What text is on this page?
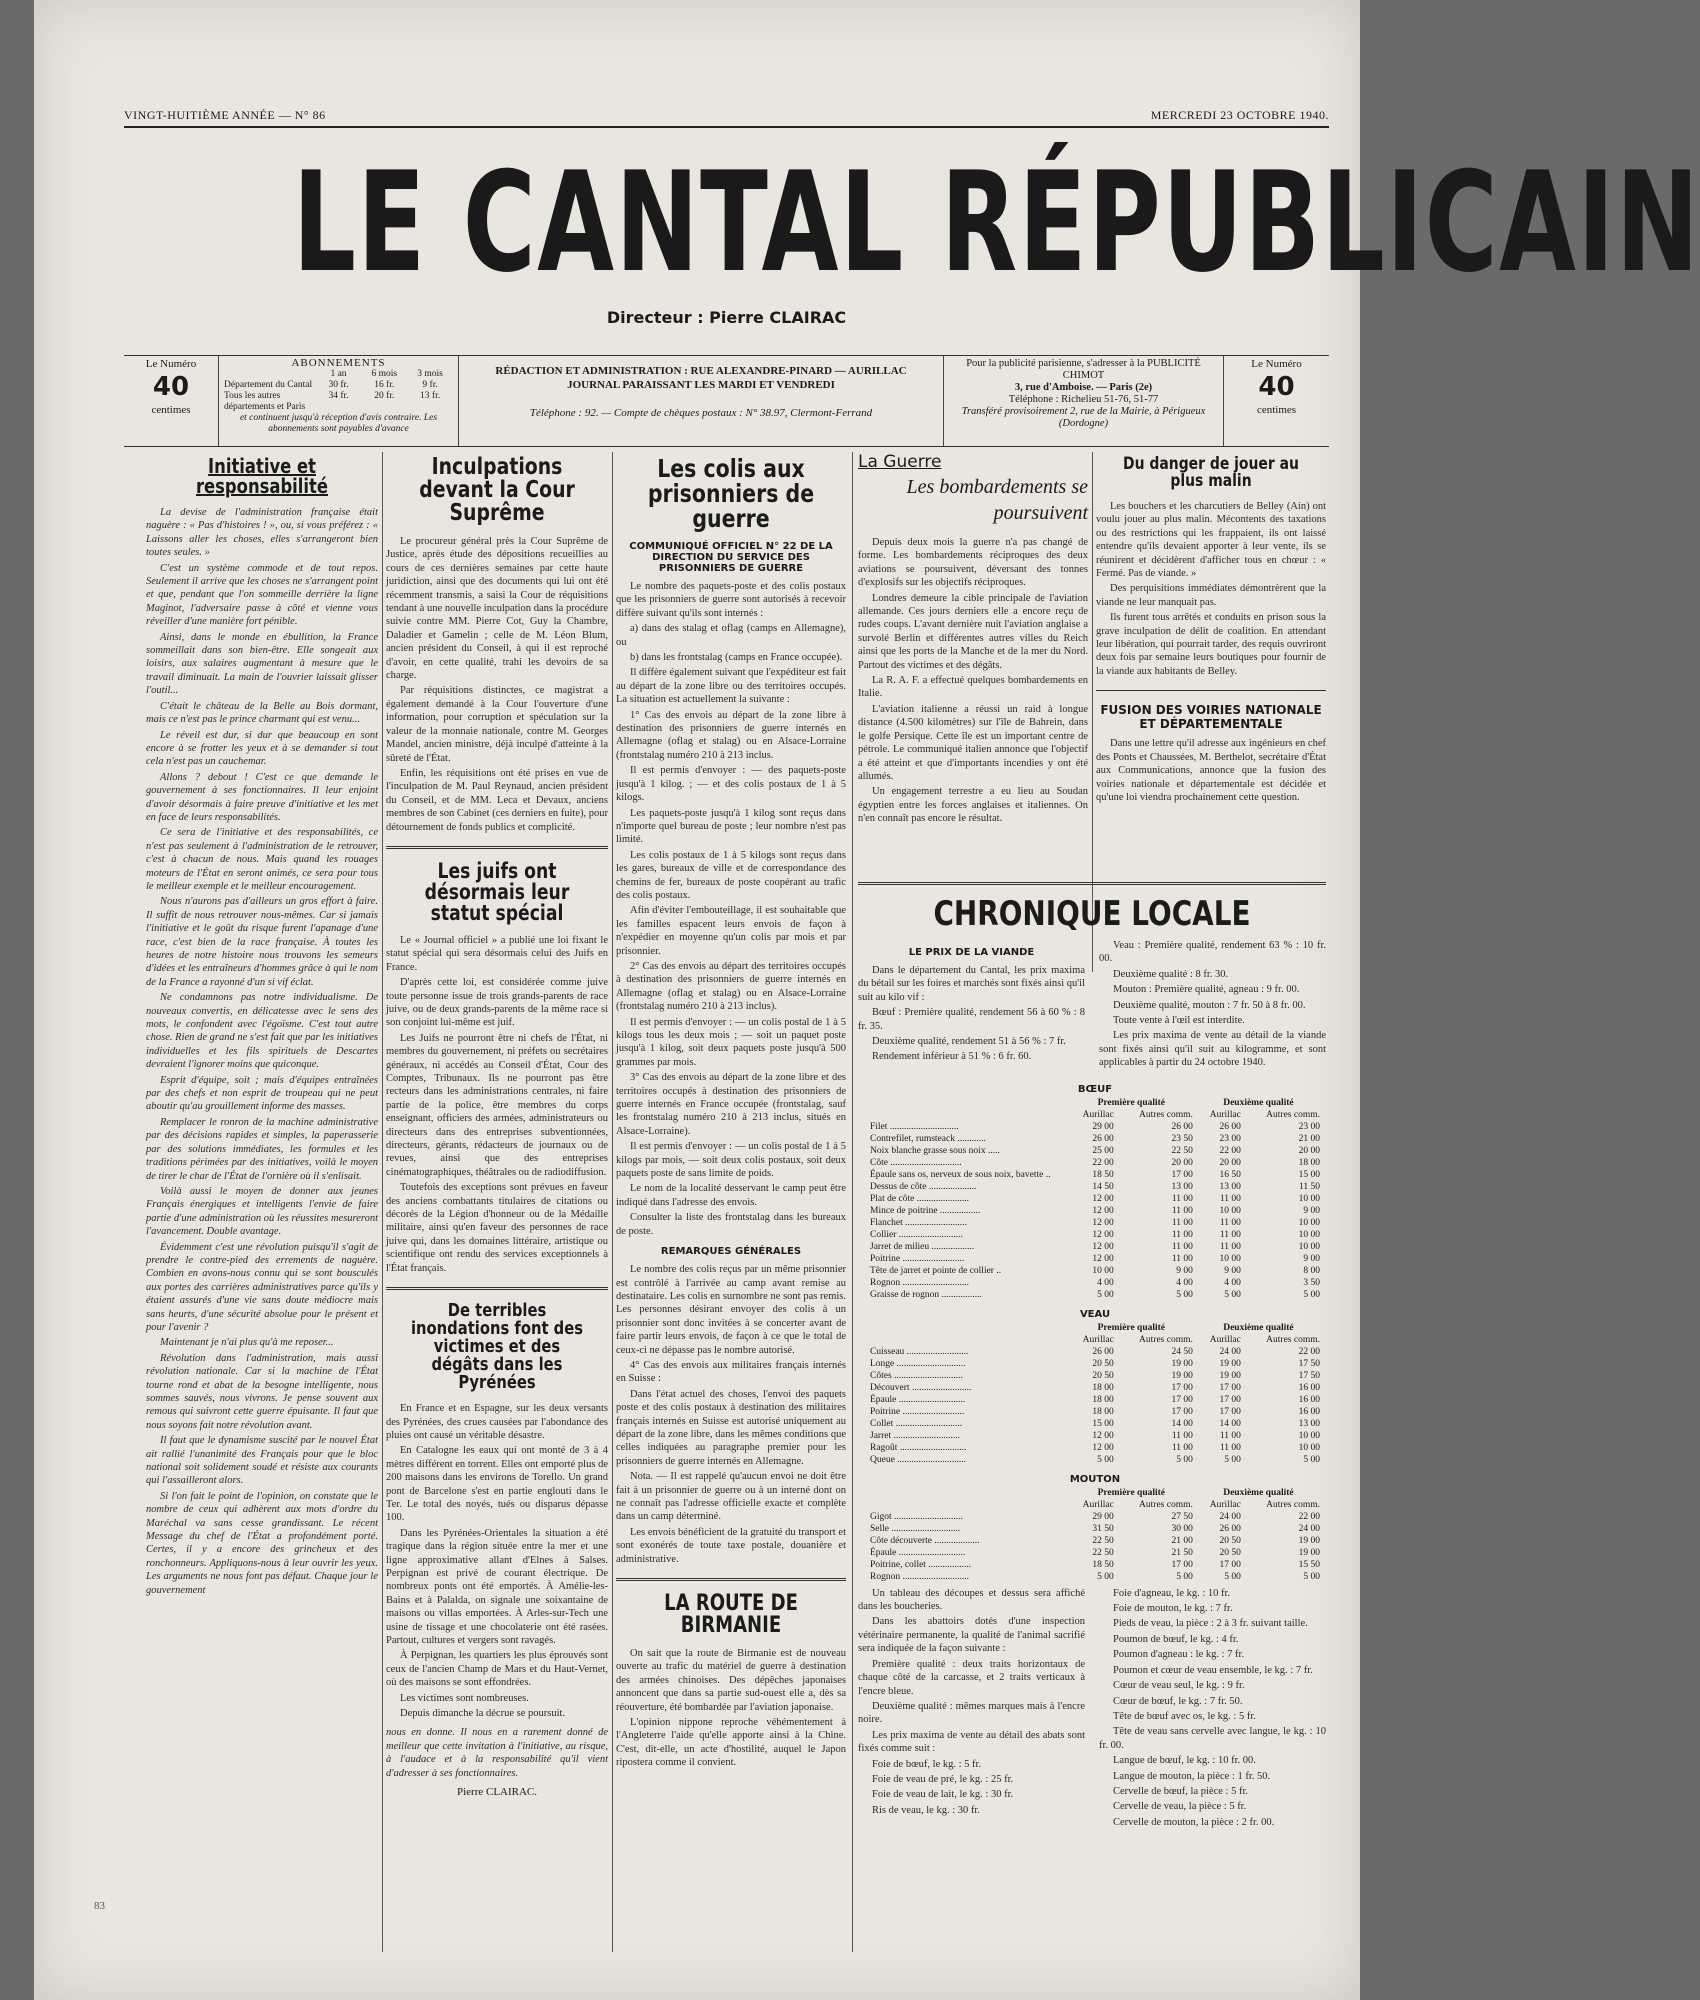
VINGT-HUITIÈME ANNÉE — N° 86	MERCREDI 23 OCTOBRE 1940.
LE CANTAL RÉPUBLICAIN
Directeur : Pierre CLAIRAC
Le Numéro
40
centimes
ABONNEMENTS
1 an	6 mois	3 mois
Département du Cantal	30 fr.	16 fr.	9 fr.
Tous les autres départements et Paris
34 fr.	20 fr.	13 fr.
et continuent jusqu'à réception d'avis contraire. Les abonnements sont payables d'avance
RÉDACTION ET ADMINISTRATION : RUE ALEXANDRE-PINARD — AURILLAC
JOURNAL PARAISSANT LES MARDI ET VENDREDI
Téléphone : 92. — Compte de chèques postaux : N° 38.97, Clermont-Ferrand
Pour la publicité parisienne, s'adresser à la PUBLICITÉ CHIMOT
3, rue d'Amboise. — Paris (2e)
Téléphone : Richelieu 51-76, 51-77
Transféré provisoirement 2, rue de la Mairie, à Périgueux (Dordogne)
Le Numéro
40
centimes
Initiative et responsabilité

La devise de l'administration française était naguère : « Pas d'histoires ! », ou, si vous préférez : « Laissons aller les choses, elles s'arrangeront bien toutes seules. »

C'est un système commode et de tout repos. Seulement il arrive que les choses ne s'arrangent point et que, pendant que l'on sommeille derrière la ligne Maginot, l'adversaire passe à côté et vienne vous réveiller d'une manière fort pénible.

Ainsi, dans le monde en ébullition, la France sommeillait dans son bien-être. Elle songeait aux loisirs, aux salaires augmentant à mesure que le travail diminuait. La main de l'ouvrier laissait glisser l'outil...

C'était le château de la Belle au Bois dormant, mais ce n'est pas le prince charmant qui est venu...

Le réveil est dur, si dur que beaucoup en sont encore à se frotter les yeux et à se demander si tout cela n'est pas un cauchemar.

Allons ? debout ! C'est ce que demande le gouvernement à ses fonctionnaires. Il leur enjoint d'avoir désormais à faire preuve d'initiative et les met en face de leurs responsabilités.

Ce sera de l'initiative et des responsabilités, ce n'est pas seulement à l'administration de le retrouver, c'est à chacun de nous. Mais quand les rouages moteurs de l'État en seront animés, ce sera pour tous le meilleur exemple et le meilleur encouragement.

Nous n'aurons pas d'ailleurs un gros effort à faire. Il suffit de nous retrouver nous-mêmes. Car si jamais l'initiative et le goût du risque furent l'apanage d'une race, c'est bien de la race française. À toutes les heures de notre histoire nous trouvons les semeurs d'idées et les entraîneurs d'hommes grâce à qui le nom de la France a rayonné d'un si vif éclat.

Ne condamnons pas notre individualisme. De nouveaux convertis, en délicatesse avec le sens des mots, le confondent avec l'égoïsme. C'est tout autre chose. Rien de grand ne s'est fait que par les initiatives individuelles et les fils spirituels de Descartes devraient l'ignorer moins que quiconque.

Esprit d'équipe, soit ; mais d'équipes entraînées par des chefs et non esprit de troupeau qui ne peut aboutir qu'au grouillement informe des masses.

Remplacer le ronron de la machine administrative par des décisions rapides et simples, la paperasserie par des solutions immédiates, les formules et les traditions périmées par des initiatives, voilà le moyen de tirer le char de l'État de l'ornière où il s'enlisait.

Voilà aussi le moyen de donner aux jeunes Français énergiques et intelligents l'envie de faire partie d'une administration où les réussites mesureront l'avancement. Double avantage.

Évidemment c'est une révolution puisqu'il s'agit de prendre le contre-pied des errements de naguère. Combien en avons-nous connu qui se sont bousculés aux portes des carrières administratives parce qu'ils y étaient assurés d'une vie sans doute médiocre mais sans heurts, d'une sécurité absolue pour le présent et pour l'avenir ?

Maintenant je n'ai plus qu'à me reposer...

Révolution dans l'administration, mais aussi révolution nationale. Car si la machine de l'État tourne rond et abat de la besogne intelligente, nous sommes sauvés, nous vivrons. Je pense souvent aux remous qui suivront cette guerre épuisante. Il faut que nous soyons fait notre révolution avant.

Il faut que le dynamisme suscité par le nouvel État ait rallié l'unanimité des Français pour que le bloc national soit solidement soudé et résiste aux courants qui l'assailleront alors.

Si l'on fait le point de l'opinion, on constate que le nombre de ceux qui adhèrent aux mots d'ordre du Maréchal va sans cesse grandissant. Le récent Message du chef de l'État a profondément porté. Certes, il y a encore des grincheux et des ronchonneurs. Appliquons-nous à leur ouvrir les yeux. Les arguments ne nous font pas défaut. Chaque jour le gouvernement

Inculpations devant la Cour Suprême

Le procureur général près la Cour Suprême de Justice, après étude des dépositions recueillies au cours de ces dernières semaines par cette haute juridiction, ainsi que des documents qui lui ont été récemment transmis, a saisi la Cour de réquisitions tendant à une nouvelle inculpation dans la procédure suivie contre MM. Pierre Cot, Guy la Chambre, Daladier et Gamelin ; celle de M. Léon Blum, ancien président du Conseil, à qui il est reproché d'avoir, en cette qualité, trahi les devoirs de sa charge.

Par réquisitions distinctes, ce magistrat a également demandé à la Cour l'ouverture d'une information, pour corruption et spéculation sur la valeur de la monnaie nationale, contre M. Georges Mandel, ancien ministre, déjà inculpé d'atteinte à la sûreté de l'État.

Enfin, les réquisitions ont été prises en vue de l'inculpation de M. Paul Reynaud, ancien président du Conseil, et de MM. Leca et Devaux, anciens membres de son Cabinet (ces derniers en fuite), pour détournement de fonds publics et complicité.

Les juifs ont désormais leur statut spécial

Le « Journal officiel » a publié une loi fixant le statut spécial qui sera désormais celui des Juifs en France.

D'après cette loi, est considérée comme juive toute personne issue de trois grands-parents de race juive, ou de deux grands-parents de la même race si son conjoint lui-même est juif.

Les Juifs ne pourront être ni chefs de l'État, ni membres du gouvernement, ni préfets ou secrétaires généraux, ni accédés au Conseil d'État, Cour des Comptes, Tribunaux. Ils ne pourront pas être recteurs dans les administrations centrales, ni faire partie de la police, être membres du corps enseignant, officiers des armées, administrateurs ou directeurs dans des entreprises subventionnées, directeurs, gérants, rédacteurs de journaux ou de revues, ainsi que des entreprises cinématographiques, théâtrales ou de radiodiffusion.

Toutefois des exceptions sont prévues en faveur des anciens combattants titulaires de citations ou décorés de la Légion d'honneur ou de la Médaille militaire, ainsi qu'en faveur des personnes de race juive qui, dans les domaines littéraire, artistique ou scientifique ont rendu des services exceptionnels à l'État français.

De terribles inondations font des victimes et des dégâts dans les Pyrénées

En France et en Espagne, sur les deux versants des Pyrénées, des crues causées par l'abondance des pluies ont causé un véritable désastre.

En Catalogne les eaux qui ont monté de 3 à 4 mètres différent en torrent. Elles ont emporté plus de 200 maisons dans les environs de Torello. Un grand pont de Barcelone s'est en partie englouti dans le Ter. Le total des noyés, tués ou disparus dépasse 100.

Dans les Pyrénées-Orientales la situation a été tragique dans la région située entre la mer et une ligne approximative allant d'Elnes à Salses. Perpignan est privé de courant électrique. De nombreux ponts ont été emportés. À Amélie-les-Bains et à Palalda, on signale une soixantaine de maisons ou villas emportées. À Arles-sur-Tech une usine de tissage et une chocolaterie ont été rasées. Partout, cultures et vergers sont ravagés.

À Perpignan, les quartiers les plus éprouvés sont ceux de l'ancien Champ de Mars et du Haut-Vernet, où des maisons se sont effondrées.

Les victimes sont nombreuses.

Depuis dimanche la décrue se poursuit.

nous en donne. Il nous en a rarement donné de meilleur que cette invitation à l'initiative, au risque, à l'audace et à la responsabilité qu'il vient d'adresser à ses fonctionnaires.
Pierre CLAIRAC.
Les colis aux prisonniers de guerre
COMMUNIQUÉ OFFICIEL N° 22 DE LA DIRECTION DU SERVICE DES PRISONNIERS DE GUERRE

Le nombre des paquets-poste et des colis postaux que les prisonniers de guerre sont autorisés à recevoir diffère suivant qu'ils sont internés :

a) dans des stalag et oflag (camps en Allemagne), ou

b) dans les frontstalag (camps en France occupée).

Il diffère également suivant que l'expéditeur est fait au départ de la zone libre ou des territoires occupés. La situation est actuellement la suivante :

1° Cas des envois au départ de la zone libre à destination des prisonniers de guerre internés en Allemagne (oflag et stalag) ou en Alsace-Lorraine (frontstalag numéro 210 à 213 inclus.

Il est permis d'envoyer : — des paquets-poste jusqu'à 1 kilog. ; — et des colis postaux de 1 à 5 kilogs.

Les paquets-poste jusqu'à 1 kilog sont reçus dans n'importe quel bureau de poste ; leur nombre n'est pas limité.

Les colis postaux de 1 à 5 kilogs sont reçus dans les gares, bureaux de ville et de correspondance des chemins de fer, bureaux de poste coopérant au trafic des colis postaux.

Afin d'éviter l'embouteillage, il est souhaitable que les familles espacent leurs envois de façon à n'expédier en moyenne qu'un colis par mois et par prisonnier.

2° Cas des envois au départ des territoires occupés à destination des prisonniers de guerre internés en Allemagne (oflag et stalag) ou en Alsace-Lorraine (frontstalag numéro 210 à 213 inclus).

Il est permis d'envoyer : — un colis postal de 1 à 5 kilogs tous les deux mois ; — soit un paquet poste jusqu'à 1 kilog, soit deux paquets poste jusqu'à 500 grammes par mois.

3° Cas des envois au départ de la zone libre et des territoires occupés à destination des prisonniers de guerre internés en France occupée (frontstalag, sauf les frontstalag numéro 210 à 213 inclus, situés en Alsace-Lorraine).

Il est permis d'envoyer : — un colis postal de 1 à 5 kilogs par mois, — soit deux colis postaux, soit deux paquets poste de sans limite de poids.

Le nom de la localité desservant le camp peut être indiqué dans l'adresse des envois.

Consulter la liste des frontstalag dans les bureaux de poste.

REMARQUES GÉNÉRALES

Le nombre des colis reçus par un même prisonnier est contrôlé à l'arrivée au camp avant remise au destinataire. Les colis en surnombre ne sont pas remis. Les personnes désirant envoyer des colis à un prisonnier sont donc invitées à se concerter avant de faire partir leurs envois, de façon à ce que le total de ceux-ci ne dépasse pas le nombre autorisé.

4° Cas des envois aux militaires français internés en Suisse :

Dans l'état actuel des choses, l'envoi des paquets poste et des colis postaux à destination des militaires français internés en Suisse est autorisé uniquement au départ de la zone libre, dans les mêmes conditions que celles indiquées au paragraphe premier pour les prisonniers de guerre internés en Allemagne.

Nota. — Il est rappelé qu'aucun envoi ne doit être fait à un prisonnier de guerre ou à un interné dont on ne connaît pas l'adresse officielle exacte et complète dans un camp déterminé.

Les envois bénéficient de la gratuité du transport et sont exonérés de toute taxe postale, douanière et administrative.

LA ROUTE DE BIRMANIE

On sait que la route de Birmanie est de nouveau ouverte au trafic du matériel de guerre à destination des armées chinoises. Des dépêches japonaises annoncent que dans sa partie sud-ouest elle a, dès sa réouverture, été bombardée par l'aviation japonaise.

L'opinion nippone reproche véhémentement à l'Angleterre l'aide qu'elle apporte ainsi à la Chine. C'est, dit-elle, un acte d'hostilité, auquel le Japon ripostera comme il convient.

La Guerre
Les bombardements se poursuivent

Depuis deux mois la guerre n'a pas changé de forme. Les bombardements réciproques des deux aviations se poursuivent, déversant des tonnes d'explosifs sur les objectifs réciproques.

Londres demeure la cible principale de l'aviation allemande. Ces jours derniers elle a encore reçu de rudes coups. L'avant dernière nuit l'aviation anglaise a survolé Berlin et différentes autres villes du Reich ainsi que les ports de la Manche et de la mer du Nord. Partout des victimes et des dégâts.

La R. A. F. a effectué quelques bombardements en Italie.

L'aviation italienne a réussi un raid à longue distance (4.500 kilomètres) sur l'île de Bahrein, dans le golfe Persique. Cette île est un important centre de pétrole. Le communiqué italien annonce que l'objectif a été atteint et que d'importants incendies y ont été allumés.

Un engagement terrestre a eu lieu au Soudan égyptien entre les forces anglaises et italiennes. On n'en connaît pas encore le résultat.

Du danger de jouer au plus malin

Les bouchers et les charcutiers de Belley (Ain) ont voulu jouer au plus malin. Mécontents des taxations ou des restrictions qui les frappaient, ils ont laissé entendre qu'ils devaient apporter à leur vente, ils se réunirent et décidèrent d'afficher tous en chœur : « Fermé. Pas de viande. »

Des perquisitions immédiates démontrèrent que la viande ne leur manquait pas.

Ils furent tous arrêtés et conduits en prison sous la grave inculpation de délit de coalition. En attendant leur libération, qui pourrait tarder, des requis ouvriront deux fois par semaine leurs boutiques pour fournir de la viande aux habitants de Belley.

FUSION DES VOIRIES NATIONALE ET DÉPARTEMENTALE

Dans une lettre qu'il adresse aux ingénieurs en chef des Ponts et Chaussées, M. Berthelot, secrétaire d'État aux Communications, annonce que la fusion des voiries nationale et départementale est décidée et qu'une loi viendra prochainement cette question.

CHRONIQUE LOCALE
LE PRIX DE LA VIANDE

Dans le département du Cantal, les prix maxima du bétail sur les foires et marchés sont fixés ainsi qu'il suit au kilo vif :

Bœuf : Première qualité, rendement 56 à 60 % : 8 fr. 35.

Deuxième qualité, rendement 51 à 56 % : 7 fr.

Rendement inférieur à 51 % : 6 fr. 60.

Veau : Première qualité, rendement 63 % : 10 fr. 00.

Deuxième qualité : 8 fr. 30.

Mouton : Première qualité, agneau : 9 fr. 00.

Deuxième qualité, mouton : 7 fr. 50 à 8 fr. 00.

Toute vente à l'œil est interdite.

Les prix maxima de vente au détail de la viande sont fixés ainsi qu'il suit au kilogramme, et sont applicables à partir du 24 octobre 1940.

BŒUF
	Première qualité		Deuxième qualité	
	Aurillac	Autres comm.	Aurillac	Autres comm.
Filet .............................	29 00	26 00	26 00	23 00
Contrefilet, rumsteack ............	26 00	23 50	23 00	21 00
Noix blanche grasse sous noix .....	25 00	22 50	22 00	20 00
Côte ..............................	22 00	20 00	20 00	18 00
Épaule sans os, nerveux de sous noix, bavette ..	18 50	17 00	16 50	15 00
Dessus de côte ....................	14 50	13 00	13 00	11 50
Plat de côte ......................	12 00	11 00	11 00	10 00
Mince de poitrine .................	12 00	11 00	10 00	9 00
Flanchet ..........................	12 00	11 00	11 00	10 00
Collier ...........................	12 00	11 00	11 00	10 00
Jarret de milieu ..................	12 00	11 00	11 00	10 00
Poitrine ..........................	12 00	11 00	10 00	9 00
Tête de jarret et pointe de collier ..	10 00	9 00	9 00	8 00
Rognon ............................	4 00	4 00	4 00	3 50
Graisse de rognon .................	5 00	5 00	5 00	5 00
VEAU
	Première qualité		Deuxième qualité	
	Aurillac	Autres comm.	Aurillac	Autres comm.
Cuisseau ..........................	26 00	24 50	24 00	22 00
Longe .............................	20 50	19 00	19 00	17 50
Côtes .............................	20 50	19 00	19 00	17 50
Découvert .........................	18 00	17 00	17 00	16 00
Épaule ............................	18 00	17 00	17 00	16 00
Poitrine ..........................	18 00	17 00	17 00	16 00
Collet ............................	15 00	14 00	14 00	13 00
Jarret ............................	12 00	11 00	11 00	10 00
Ragoût ............................	12 00	11 00	11 00	10 00
Queue .............................	5 00	5 00	5 00	5 00
MOUTON
	Première qualité		Deuxième qualité	
	Aurillac	Autres comm.	Aurillac	Autres comm.
Gigot .............................	29 00	27 50	24 00	22 00
Selle .............................	31 50	30 00	26 00	24 00
Côte découverte ...................	22 50	21 00	20 50	19 00
Épaule ............................	22 50	21 50	20 50	19 00
Poitrine, collet ..................	18 50	17 00	17 00	15 50
Rognon ............................	5 00	5 00	5 00	5 00

Un tableau des découpes et dessus sera affiché dans les boucheries.

Dans les abattoirs dotés d'une inspection vétérinaire permanente, la qualité de l'animal sacrifié sera indiquée de la façon suivante :

Première qualité : deux traits horizontaux de chaque côté de la carcasse, et 2 traits verticaux à l'encre bleue.

Deuxième qualité : mêmes marques mais à l'encre noire.

Les prix maxima de vente au détail des abats sont fixés comme suit :

Foie de bœuf, le kg. : 5 fr.

Foie de veau de pré, le kg. : 25 fr.

Foie de veau de lait, le kg. : 30 fr.

Ris de veau, le kg. : 30 fr.

Foie d'agneau, le kg. : 10 fr.

Foie de mouton, le kg. : 7 fr.

Pieds de veau, la pièce : 2 à 3 fr. suivant taille.

Poumon de bœuf, le kg. : 4 fr.

Poumon d'agneau : le kg. : 7 fr.

Poumon et cœur de veau ensemble, le kg. : 7 fr.

Cœur de veau seul, le kg. : 9 fr.

Cœur de bœuf, le kg. : 7 fr. 50.

Tête de bœuf avec os, le kg. : 5 fr.

Tête de veau sans cervelle avec langue, le kg. : 10 fr. 00.

Langue de bœuf, le kg. : 10 fr. 00.

Langue de mouton, la pièce : 1 fr. 50.

Cervelle de bœuf, la pièce : 5 fr.

Cervelle de veau, la pièce : 5 fr.

Cervelle de mouton, la pièce : 2 fr. 00.

83
